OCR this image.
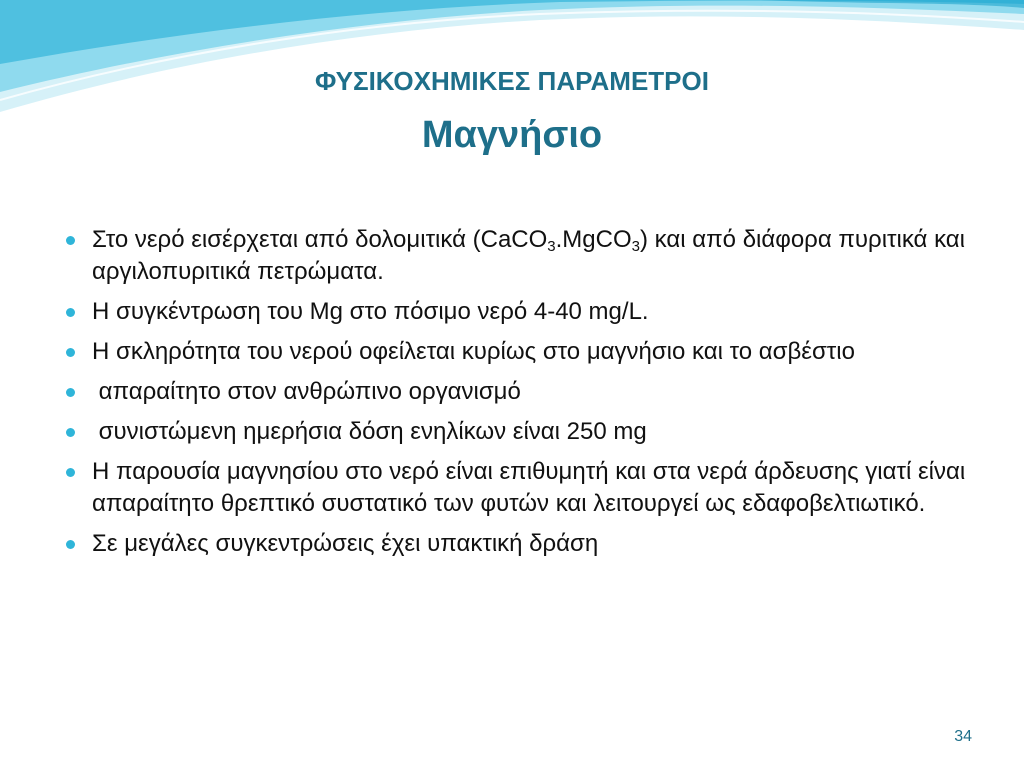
ΦΥΣΙΚΟΧΗΜΙΚΕΣ ΠΑΡΑΜΕΤΡΟΙ
Μαγνήσιο
Στο νερό εισέρχεται από δολομιτικά (CaCO$_3$.MgCO$_3$) και από διάφορα πυριτικά και αργιλοπυριτικά πετρώματα.
Η συγκέντρωση του Mg στο πόσιμο νερό 4-40 mg/L.
Η σκληρότητα του νερού οφείλεται κυρίως στο μαγνήσιο και το ασβέστιο
απαραίτητο στον ανθρώπινο οργανισμό
συνιστώμενη ημερήσια δόση ενηλίκων είναι 250 mg
Η παρουσία μαγνησίου στο νερό είναι επιθυμητή και στα νερά άρδευσης γιατί είναι απαραίτητο θρεπτικό συστατικό των φυτών και λειτουργεί ως εδαφοβελτιωτικό.
Σε μεγάλες συγκεντρώσεις έχει υπακτική δράση
34
